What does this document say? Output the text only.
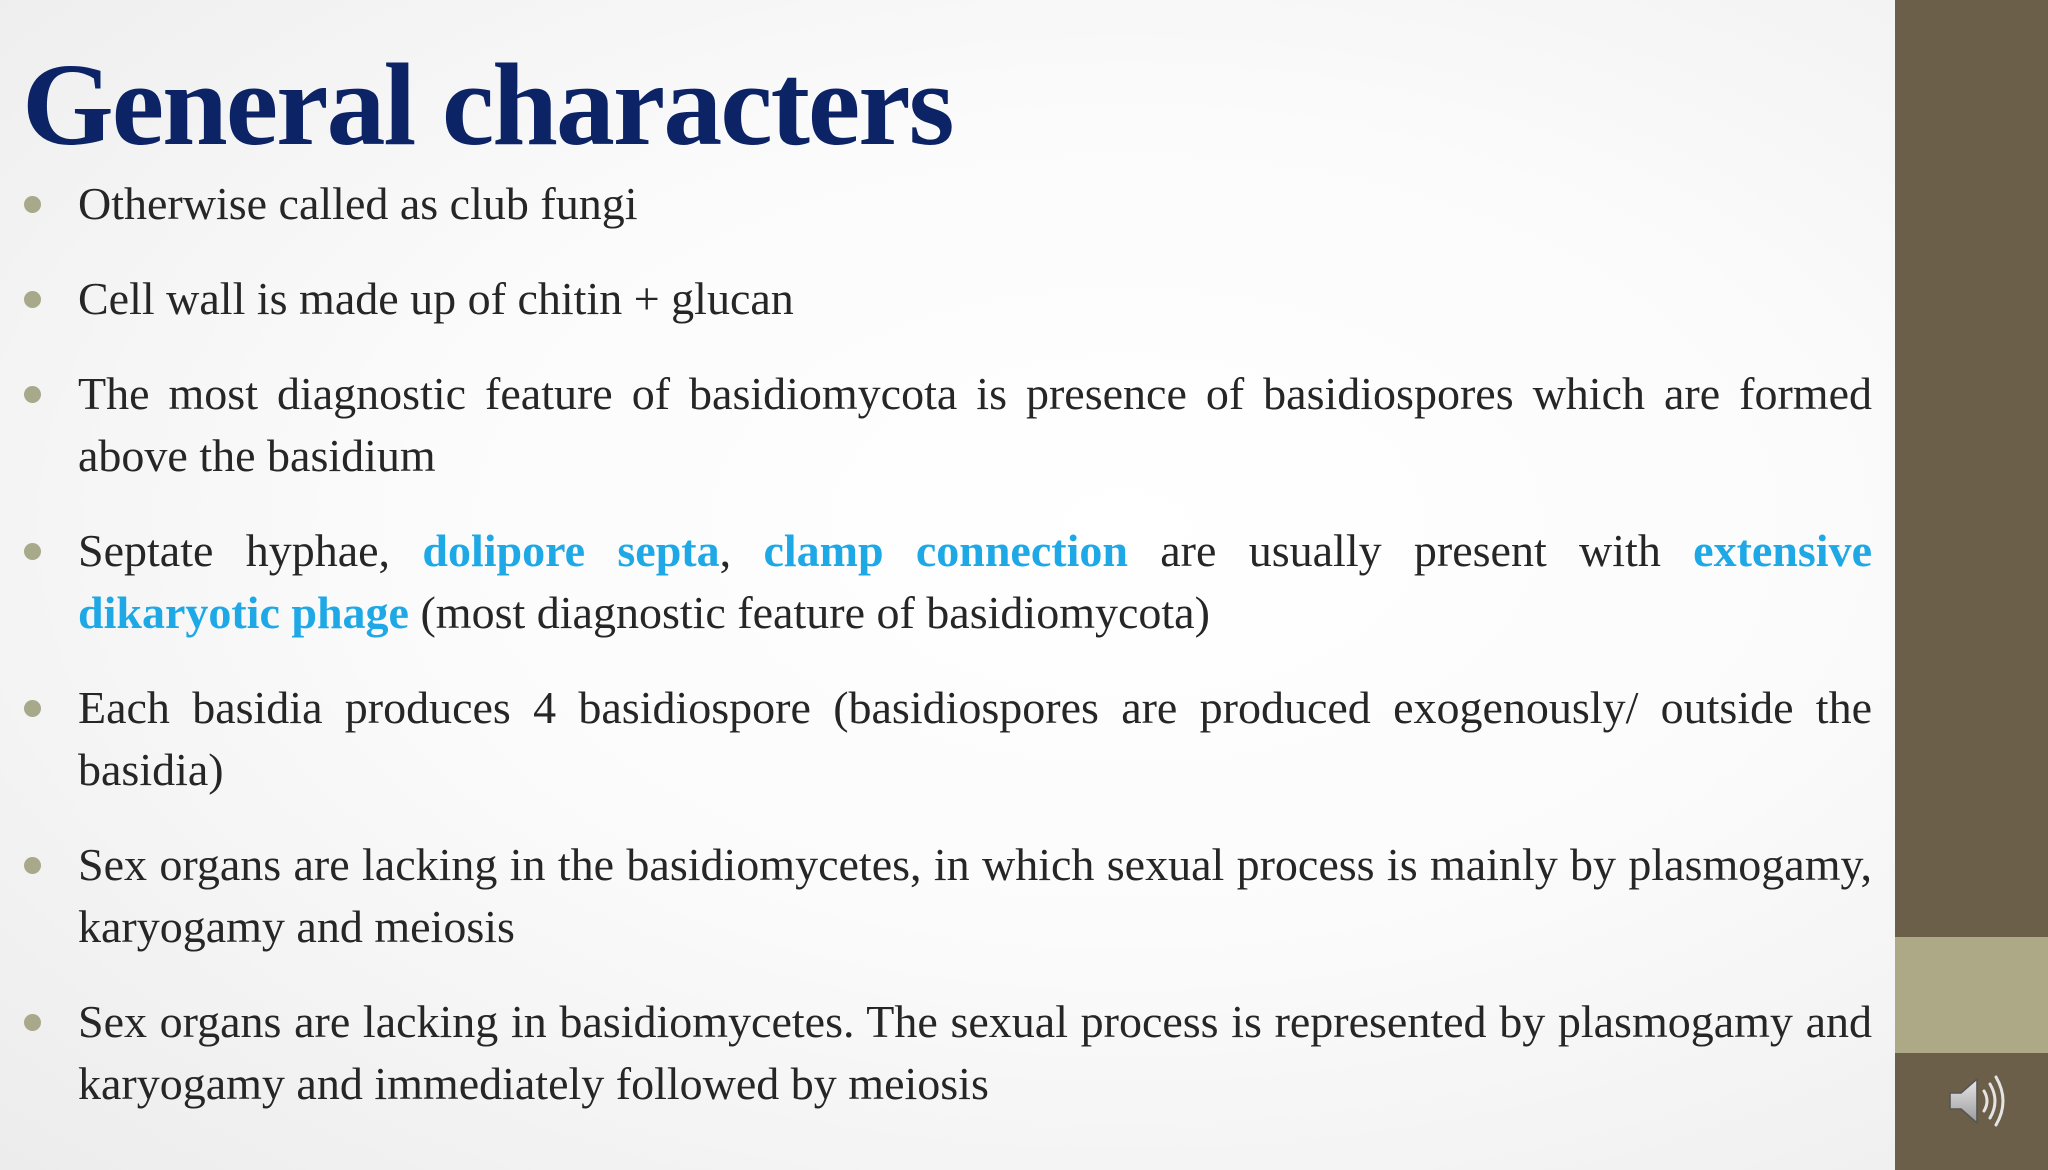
General characters
Otherwise called as club fungi
Cell wall is made up of chitin + glucan
The most diagnostic feature of basidiomycota is presence of basidiospores which are formed above the basidium
Septate hyphae, dolipore septa, clamp connection are usually present with extensive dikaryotic phage (most diagnostic feature of basidiomycota)
Each basidia produces 4 basidiospore (basidiospores are produced exogenously/ outside the basidia)
Sex organs are lacking in the basidiomycetes, in which sexual process is mainly by plasmogamy, karyogamy and meiosis
Sex organs are lacking in basidiomycetes. The sexual process is represented by plasmogamy and karyogamy and immediately followed by meiosis
